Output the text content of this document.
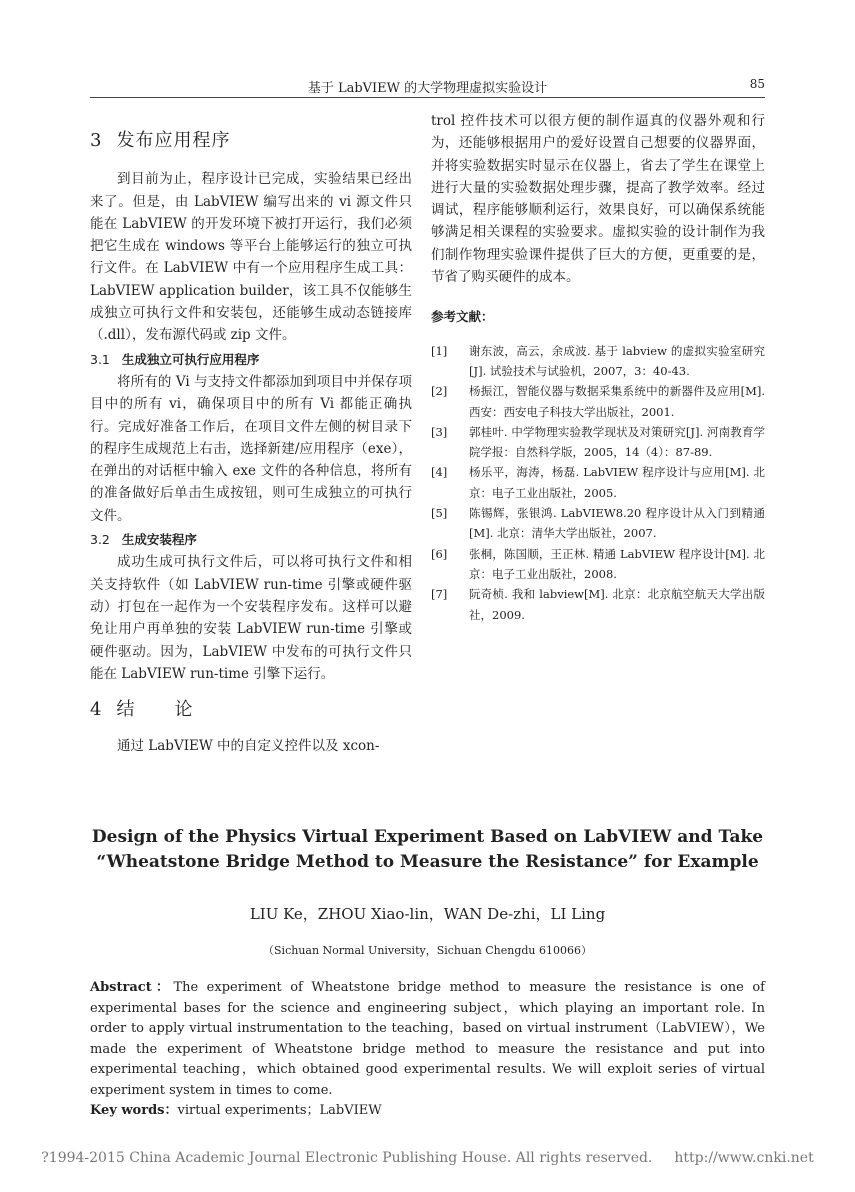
基于 LabVIEW 的大学物理虚拟实验设计	85
3 发布应用程序

到目前为止，程序设计已完成，实验结果已经出来了。但是，由 LabVIEW 编写出来的 vi 源文件只能在 LabVIEW 的开发环境下被打开运行，我们必须把它生成在 windows 等平台上能够运行的独立可执行文件。在 LabVIEW 中有一个应用程序生成工具：LabVIEW application builder，该工具不仅能够生成独立可执行文件和安装包，还能够生成动态链接库（.dll），发布源代码或 zip 文件。

3.1 生成独立可执行应用程序

将所有的 Vi 与支持文件都添加到项目中并保存项目中的所有 vi，确保项目中的所有 Vi 都能正确执行。完成好准备工作后，在项目文件左侧的树目录下的程序生成规范上右击，选择新建/应用程序（exe），在弹出的对话框中输入 exe 文件的各种信息，将所有的准备做好后单击生成按钮，则可生成独立的可执行文件。

3.2 生成安装程序

成功生成可执行文件后，可以将可执行文件和相关支持软件（如 LabVIEW run-time 引擎或硬件驱动）打包在一起作为一个安装程序发布。这样可以避免让用户再单独的安装 LabVIEW run-time 引擎或硬件驱动。因为，LabVIEW 中发布的可执行文件只能在 LabVIEW run-time 引擎下运行。

4 结论

通过 LabVIEW 中的自定义控件以及 xcon-

trol 控件技术可以很方便的制作逼真的仪器外观和行为，还能够根据用户的爱好设置自己想要的仪器界面，并将实验数据实时显示在仪器上，省去了学生在课堂上进行大量的实验数据处理步骤，提高了教学效率。经过调试，程序能够顺利运行，效果良好，可以确保系统能够满足相关课程的实验要求。虚拟实验的设计制作为我们制作物理实验课件提供了巨大的方便，更重要的是，节省了购买硬件的成本。

参考文献：
[1]	谢东波，高云，余成波. 基于 labview 的虚拟实验室研究[J]. 试验技术与试验机，2007，3：40-43.
[2]	杨振江，智能仪器与数据采集系统中的新器件及应用[M]. 西安：西安电子科技大学出版社，2001.
[3]	郭桂叶. 中学物理实验教学现状及对策研究[J]. 河南教育学院学报：自然科学版，2005，14（4）：87-89.
[4]	杨乐平，海涛，杨磊. LabVIEW 程序设计与应用[M]. 北京：电子工业出版社，2005.
[5]	陈锡辉，张银鸿. LabVIEW8.20 程序设计从入门到精通[M]. 北京：清华大学出版社，2007.
[6]	张桐，陈国顺，王正林. 精通 LabVIEW 程序设计[M]. 北京：电子工业出版社，2008.
[7]	阮奇桢. 我和 labview[M]. 北京：北京航空航天大学出版社，2009.

Design of the Physics Virtual Experiment Based on LabVIEW and Take
“Wheatstone Bridge Method to Measure the Resistance” for Example

LIU Ke，ZHOU Xiao-lin，WAN De-zhi，LI Ling

（Sichuan Normal University，Sichuan Chengdu 610066）

Abstract：The experiment of Wheatstone bridge method to measure the resistance is one of experimental bases for the science and engineering subject，which playing an important role. In order to apply virtual instrumentation to the teaching，based on virtual instrument（LabVIEW），We made the experiment of Wheatstone bridge method to measure the resistance and put into experimental teaching，which obtained good experimental results. We will exploit series of virtual experiment system in times to come.

Key words：virtual experiments；LabVIEW

?1994-2015 China Academic Journal Electronic Publishing House. All rights reserved. http://www.cnki.net
